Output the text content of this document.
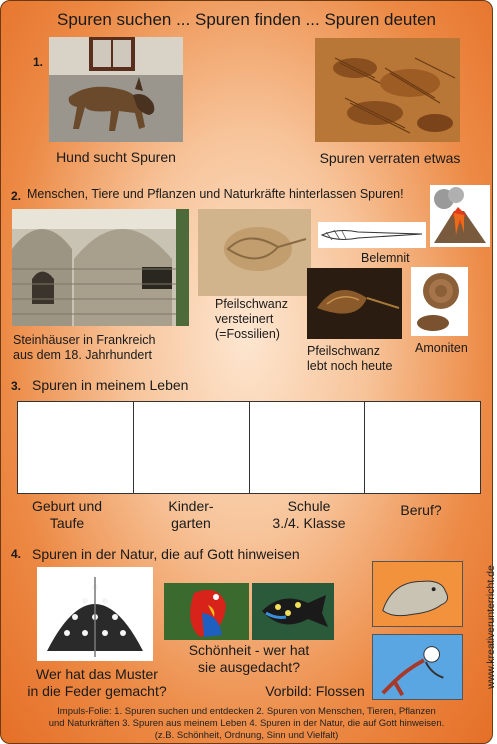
Spuren suchen ... Spuren finden ... Spuren deuten
1.
Hund sucht Spuren	Spuren verraten etwas
2. Menschen, Tiere und Pflanzen und Naturkräfte hinterlassen Spuren!
Steinhäuser in Frankreich
aus dem 18. Jahrhundert
Pfeilschwanz
versteinert
(=Fossilien)
Belemnit
Pfeilschwanz
lebt noch heute
Amoniten
3. Spuren in meinem Leben
Geburt und
Taufe
Kinder-
garten
Schule
3./4. Klasse
Beruf?
4. Spuren in der Natur, die auf Gott hinweisen
Wer hat das Muster
in die Feder gemacht?
Schönheit - wer hat
sie ausgedacht?
Vorbild: Flossen
www.kreativerunterricht.de
Impuls-Folie: 1. Spuren suchen und entdecken 2. Spuren von Menschen, Tieren, Pflanzen
und Naturkräften 3. Spuren aus meinem Leben 4. Spuren in der Natur, die auf Gott hinweisen.
(z.B. Schönheit, Ordnung, Sinn und Vielfalt)
